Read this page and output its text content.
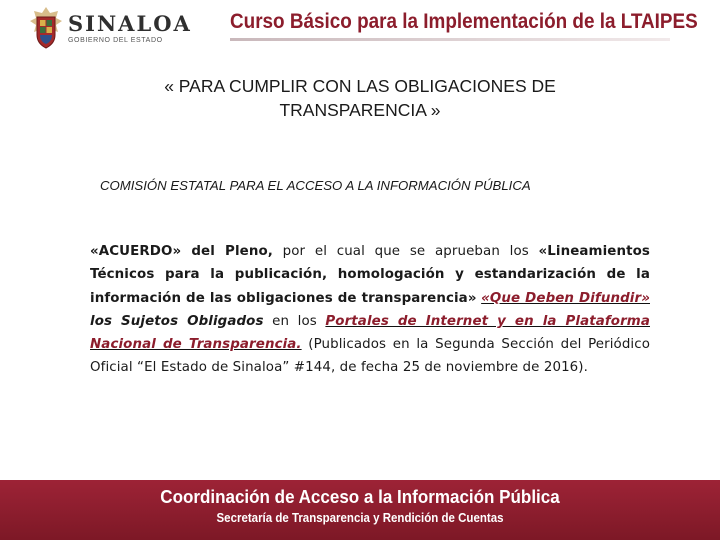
SINALOA
GOBIERNO DEL ESTADO
Curso Básico para la Implementación de la LTAIPES
« PARA CUMPLIR CON LAS OBLIGACIONES DE
TRANSPARENCIA »
COMISIÓN ESTATAL PARA EL ACCESO A LA INFORMACIÓN PÚBLICA
«ACUERDO» del Pleno, por el cual que se aprueban los «Lineamientos Técnicos para la publicación, homologación y estandarización de la información de las obligaciones de transparencia» «Que Deben Difundir» los Sujetos Obligados en los Portales de Internet y en la Plataforma Nacional de Transparencia. (Publicados en la Segunda Sección del Periódico Oficial “El Estado de Sinaloa” #144, de fecha 25 de noviembre de 2016).
Coordinación de Acceso a la Información Pública
Secretaría de Transparencia y Rendición de Cuentas
